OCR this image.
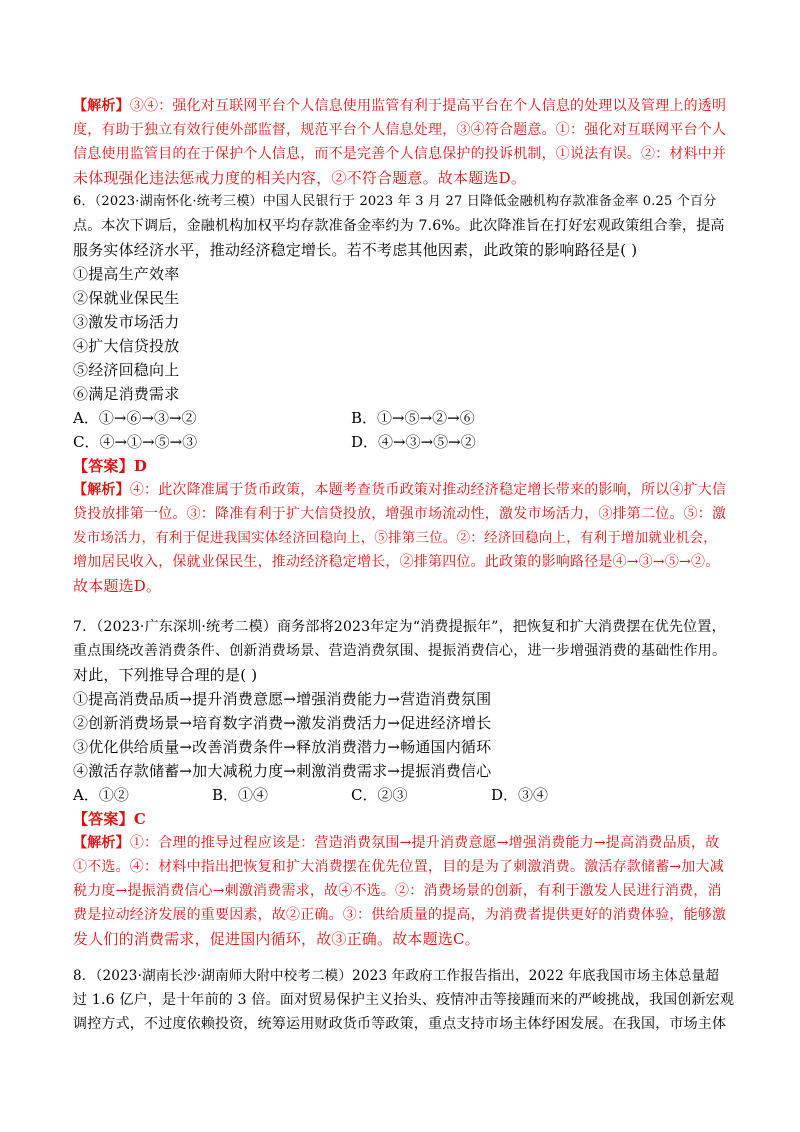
【解析】③④：强化对互联网平台个人信息使用监管有利于提高平台在个人信息的处理以及管理上的透明
度，有助于独立有效行使外部监督，规范平台个人信息处理，③④符合题意。①：强化对互联网平台个人
信息使用监管目的在于保护个人信息，而不是完善个人信息保护的投诉机制，①说法有误。②：材料中并
未体现强化违法惩戒力度的相关内容，②不符合题意。故本题选D。
6．（2023·湖南怀化·统考三模）中国人民银行于 2023 年 3 月 27 日降低金融机构存款准备金率 0.25 个百分
点。本次下调后，金融机构加权平均存款准备金率约为 7.6%。此次降准旨在打好宏观政策组合拳，提高
服务实体经济水平，推动经济稳定增长。若不考虑其他因素，此政策的影响路径是( )
①提高生产效率
②保就业保民生
③激发市场活力
④扩大信贷投放
⑤经济回稳向上
⑥满足消费需求
A．①→⑥→③→②	B．①→⑤→②→⑥
C．④→①→⑤→③	D．④→③→⑤→②
【答案】D
【解析】④：此次降准属于货币政策，本题考查货币政策对推动经济稳定增长带来的影响，所以④扩大信
贷投放排第一位。③：降准有利于扩大信贷投放，增强市场流动性，激发市场活力，③排第二位。⑤：激
发市场活力，有利于促进我国实体经济回稳向上，⑤排第三位。②：经济回稳向上，有利于增加就业机会，
增加居民收入，保就业保民生，推动经济稳定增长，②排第四位。此政策的影响路径是④→③→⑤→②。
故本题选D。
7．（2023·广东深圳·统考二模）商务部将2023年定为“消费提振年”，把恢复和扩大消费摆在优先位置，
重点围绕改善消费条件、创新消费场景、营造消费氛围、提振消费信心，进一步增强消费的基础性作用。
对此，下列推导合理的是( )
①提高消费品质→提升消费意愿→增强消费能力→营造消费氛围
②创新消费场景→培育数字消费→激发消费活力→促进经济增长
③优化供给质量→改善消费条件→释放消费潜力→畅通国内循环
④激活存款储蓄→加大减税力度→刺激消费需求→提振消费信心
A．①②	B．①④	C．②③	D．③④
【答案】C
【解析】①：合理的推导过程应该是：营造消费氛围→提升消费意愿→增强消费能力→提高消费品质，故
①不选。④：材料中指出把恢复和扩大消费摆在优先位置，目的是为了刺激消费。激活存款储蓄→加大减
税力度→提振消费信心→刺激消费需求，故④不选。②：消费场景的创新，有利于激发人民进行消费，消
费是拉动经济发展的重要因素，故②正确。③：供给质量的提高，为消费者提供更好的消费体验，能够激
发人们的消费需求，促进国内循环，故③正确。故本题选C。
8．（2023·湖南长沙·湖南师大附中校考二模）2023 年政府工作报告指出，2022 年底我国市场主体总量超
过 1.6 亿户，是十年前的 3 倍。面对贸易保护主义抬头、疫情冲击等接踵而来的严峻挑战，我国创新宏观
调控方式，不过度依赖投资，统筹运用财政货币等政策，重点支持市场主体纾困发展。在我国，市场主体
